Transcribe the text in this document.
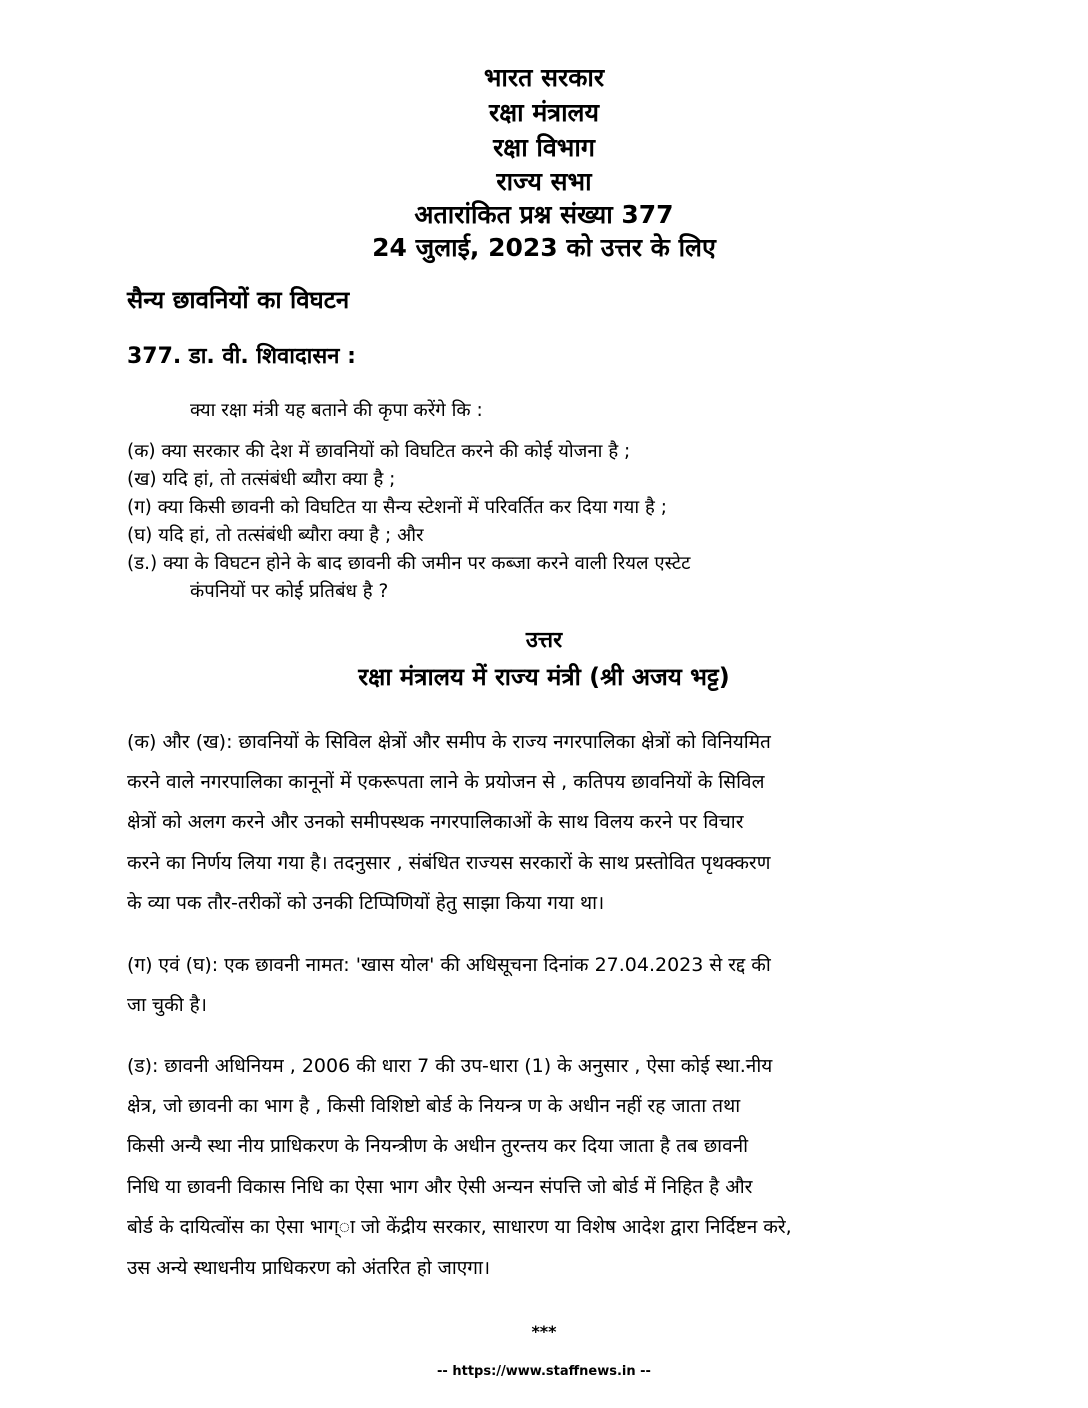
भारत सरकार
रक्षा मंत्रालय
रक्षा विभाग
राज्य सभा
अतारांकित प्रश्न संख्या 377
24 जुलाई, 2023 को उत्तर के लिए
सैन्य छावनियों का विघटन
377. डा. वी. शिवादासन :
क्या रक्षा मंत्री यह बताने की कृपा करेंगे कि :
(क) क्या सरकार की देश में छावनियों को विघटित करने की कोई योजना है ;
(ख) यदि हां, तो तत्संबंधी ब्यौरा क्या है ;
(ग) क्या किसी छावनी को विघटित या सैन्य स्टेशनों में परिवर्तित कर दिया गया है ;
(घ) यदि हां, तो तत्संबंधी ब्यौरा क्या है ; और
(ड.) क्या के विघटन होने के बाद छावनी की जमीन पर कब्जा करने वाली रियल एस्टेट
कंपनियों पर कोई प्रतिबंध है ?
उत्तर
रक्षा मंत्रालय में राज्य मंत्री (श्री अजय भट्ट)
(क) और (ख): छावनियों के सिविल क्षेत्रों और समीप के राज्य नगरपालिका क्षेत्रों को विनियमित
करने वाले नगरपालिका कानूनों में एकरूपता लाने के प्रयोजन से , कतिपय छावनियों के सिविल
क्षेत्रों को अलग करने और उनको समीपस्थक नगरपालिकाओं के साथ विलय करने पर विचार
करने का निर्णय लिया गया है। तदनुसार , संबंधित राज्यस सरकारों के साथ प्रस्ताेवित पृथक्करण
के व्या पक तौर-तरीकों को उनकी टिप्पिणियों हेतु साझा किया गया था।
(ग) एवं (घ): एक छावनी नामत: 'खास योल' की अधिसूचना दिनांक 27.04.2023 से रद्द की
जा चुकी है।
(ड): छावनी अधिनियम , 2006 की धारा 7 की उप-धारा (1) के अनुसार , ऐसा कोई स्था.नीय
क्षेत्र, जो छावनी का भाग है , किसी विशिष्टो बोर्ड के नियन्त्र ण के अधीन नहीं रह जाता तथा
किसी अन्यै स्था नीय प्राधिकरण के नियन्त्रीण के अधीन तुरन्तय कर दिया जाता है तब छावनी
निधि या छावनी विकास निधि का ऐसा भाग और ऐसी अन्यन संपत्ति जो बोर्ड में निहित है और
बोर्ड के दायित्वोंस का ऐसा भाग्ा जो केंद्रीय सरकार, साधारण या विशेष आदेश द्वारा निर्दिष्टन करे,
उस अन्ये स्थाधनीय प्राधिकरण को अंतरित हो जाएगा।
***
-- https://www.staffnews.in --
